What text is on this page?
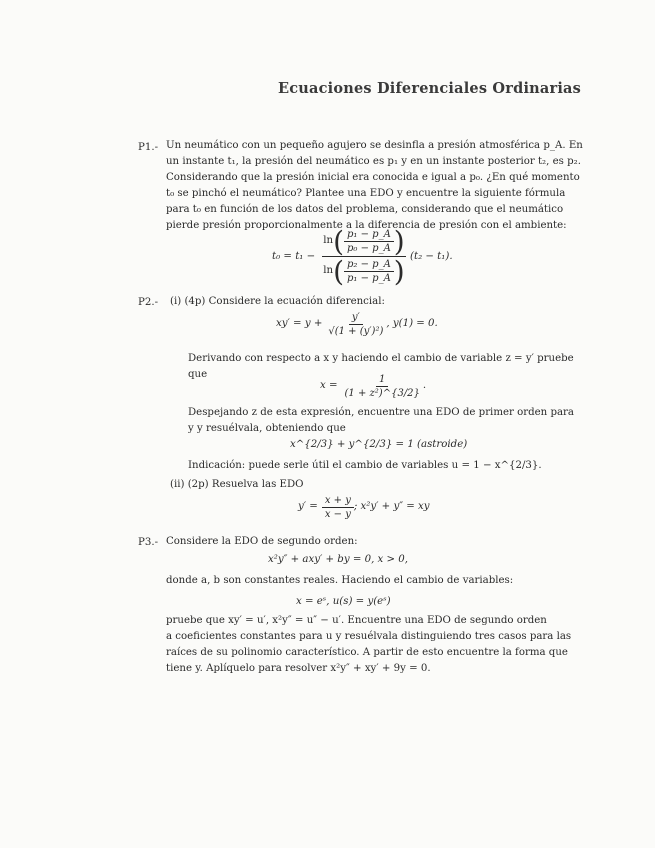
Ecuaciones Diferenciales Ordinarias
P1.- Un neumático con un pequeño agujero se desinfla a presión atmosférica p_A. En
un instante t₁, la presión del neumático es p₁ y en un instante posterior t₂, es p₂.
Considerando que la presión inicial era conocida e igual a p₀. ¿En qué momento
t₀ se pinchó el neumático? Plantee una EDO y encuentre la siguiente fórmula
para t₀ en función de los datos del problema, considerando que el neumático
pierde presión proporcionalmente a la diferencia de presión con el ambiente:
t₀ = t₁ −
ln ( $\frac{\text{p₁ − p\_A}}{\text{p₀ − p\_A}}$ )
ln ( $\frac{\text{p₂ − p\_A}}{\text{p₁ − p\_A}}$ ) (t₂ − t₁).
P2.- (i) (4p) Considere la ecuación diferencial:
$xy' = y + \frac{y'}{\text{√(1 + (y′)²)}}$ , y(1) = 0.
Derivando con respecto a x y haciendo el cambio de variable z = y′ pruebe
que
$x = \frac{1}{\text{(1 + z²)\textasciicircum{}\{3/2\}}}$ .
Despejando z de esta expresión, encuentre una EDO de primer orden para
y y resuélvala, obteniendo que
x^{2/3} + y^{2/3} = 1 (astroide)
Indicación: puede serle útil el cambio de variables u = 1 − x^{2/3}.
(ii) (2p) Resuelva las EDO
$y' = \frac{x + y}{x - y}$ ; x²y′ + y″ = xy
P3.- Considere la EDO de segundo orden:
x²y″ + axy′ + by = 0, x > 0,
donde a, b son constantes reales. Haciendo el cambio de variables:
x = eˢ, u(s) = y(eˢ)
pruebe que xy′ = u′, x²y″ = u″ − u′. Encuentre una EDO de segundo orden
a coeficientes constantes para u y resuélvala distinguiendo tres casos para las
raíces de su polinomio característico. A partir de esto encuentre la forma que
tiene y. Aplíquelo para resolver x²y″ + xy′ + 9y = 0.
